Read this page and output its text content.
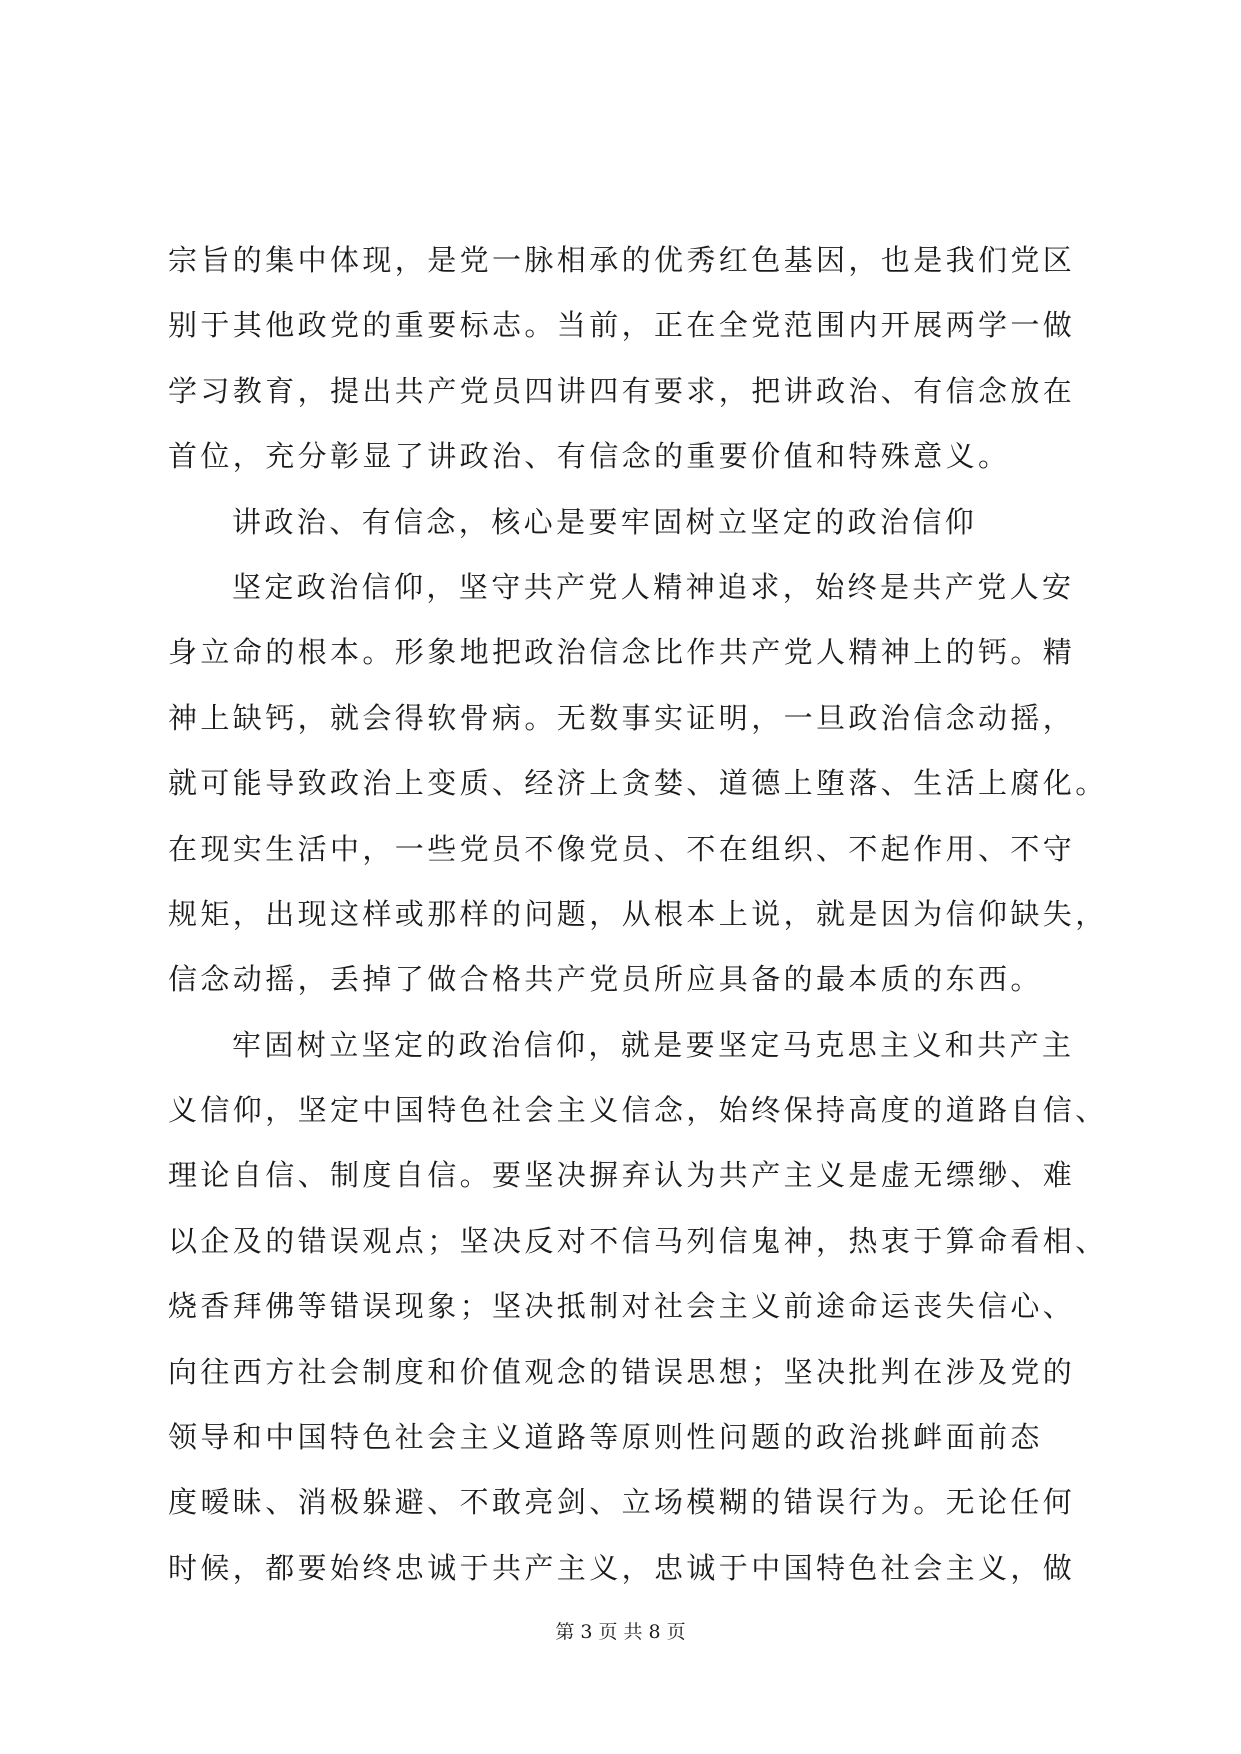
宗旨的集中体现，是党一脉相承的优秀红色基因，也是我们党区
别于其他政党的重要标志。当前，正在全党范围内开展两学一做
学习教育，提出共产党员四讲四有要求，把讲政治、有信念放在
首位，充分彰显了讲政治、有信念的重要价值和特殊意义。
讲政治、有信念，核心是要牢固树立坚定的政治信仰
坚定政治信仰，坚守共产党人精神追求，始终是共产党人安
身立命的根本。形象地把政治信念比作共产党人精神上的钙。精
神上缺钙，就会得软骨病。无数事实证明，一旦政治信念动摇，
就可能导致政治上变质、经济上贪婪、道德上堕落、生活上腐化。
在现实生活中，一些党员不像党员、不在组织、不起作用、不守
规矩，出现这样或那样的问题，从根本上说，就是因为信仰缺失，
信念动摇，丢掉了做合格共产党员所应具备的最本质的东西。
牢固树立坚定的政治信仰，就是要坚定马克思主义和共产主
义信仰，坚定中国特色社会主义信念，始终保持高度的道路自信、
理论自信、制度自信。要坚决摒弃认为共产主义是虚无缥缈、难
以企及的错误观点；坚决反对不信马列信鬼神，热衷于算命看相、
烧香拜佛等错误现象；坚决抵制对社会主义前途命运丧失信心、
向往西方社会制度和价值观念的错误思想；坚决批判在涉及党的
领导和中国特色社会主义道路等原则性问题的政治挑衅面前态
度暧昧、消极躲避、不敢亮剑、立场模糊的错误行为。无论任何
时候，都要始终忠诚于共产主义，忠诚于中国特色社会主义，做
第 3 页 共 8 页
